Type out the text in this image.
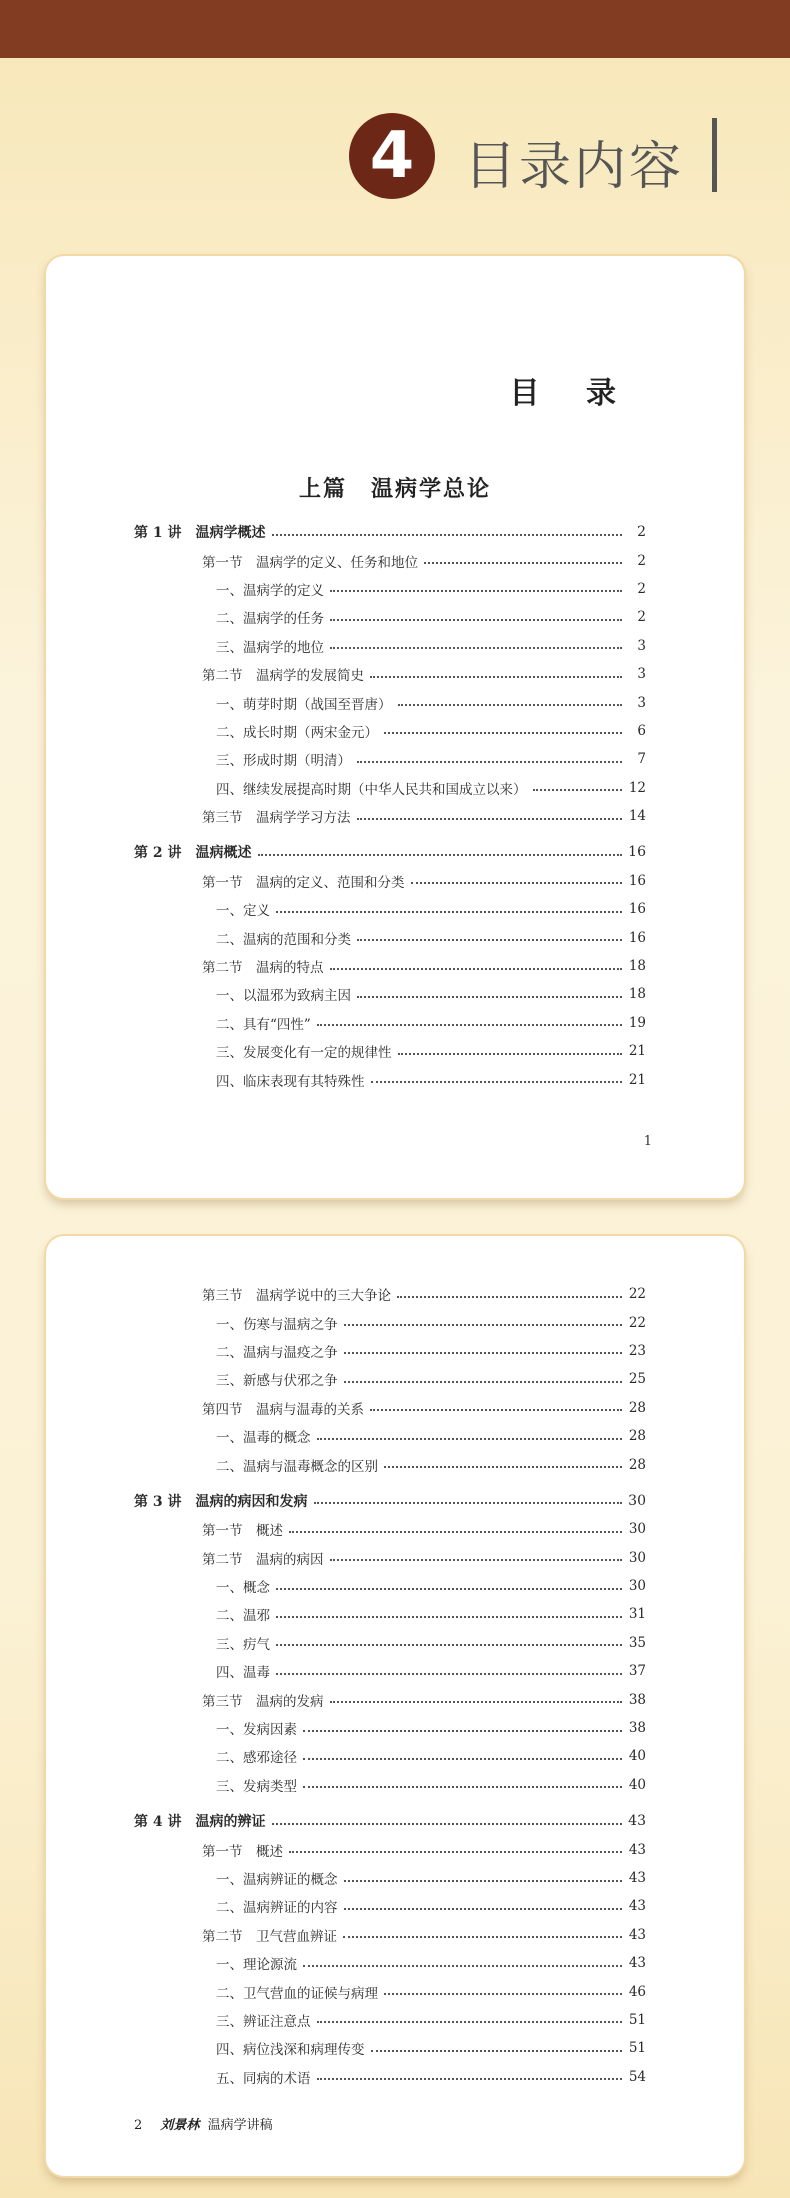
4 目录内容
目 录
上篇　温病学总论
第 1 讲　温病学概述	2
第一节　温病学的定义、任务和地位	2
一、温病学的定义	2
二、温病学的任务	2
三、温病学的地位	3
第二节　温病学的发展简史	3
一、萌芽时期（战国至晋唐）	3
二、成长时期（两宋金元）	6
三、形成时期（明清）	7
四、继续发展提高时期（中华人民共和国成立以来）	12
第三节　温病学学习方法	14
第 2 讲　温病概述	16
第一节　温病的定义、范围和分类	16
一、定义	16
二、温病的范围和分类	16
第二节　温病的特点	18
一、以温邪为致病主因	18
二、具有“四性”	19
三、发展变化有一定的规律性	21
四、临床表现有其特殊性	21
1
第三节　温病学说中的三大争论	22
一、伤寒与温病之争	22
二、温病与温疫之争	23
三、新感与伏邪之争	25
第四节　温病与温毒的关系	28
一、温毒的概念	28
二、温病与温毒概念的区别	28
第 3 讲　温病的病因和发病	30
第一节　概述	30
第二节　温病的病因	30
一、概念	30
二、温邪	31
三、疠气	35
四、温毒	37
第三节　温病的发病	38
一、发病因素	38
二、感邪途径	40
三、发病类型	40
第 4 讲　温病的辨证	43
第一节　概述	43
一、温病辨证的概念	43
二、温病辨证的内容	43
第二节　卫气营血辨证	43
一、理论源流	43
二、卫气营血的证候与病理	46
三、辨证注意点	51
四、病位浅深和病理传变	51
五、同病的术语	54
2 刘景林 温病学讲稿
